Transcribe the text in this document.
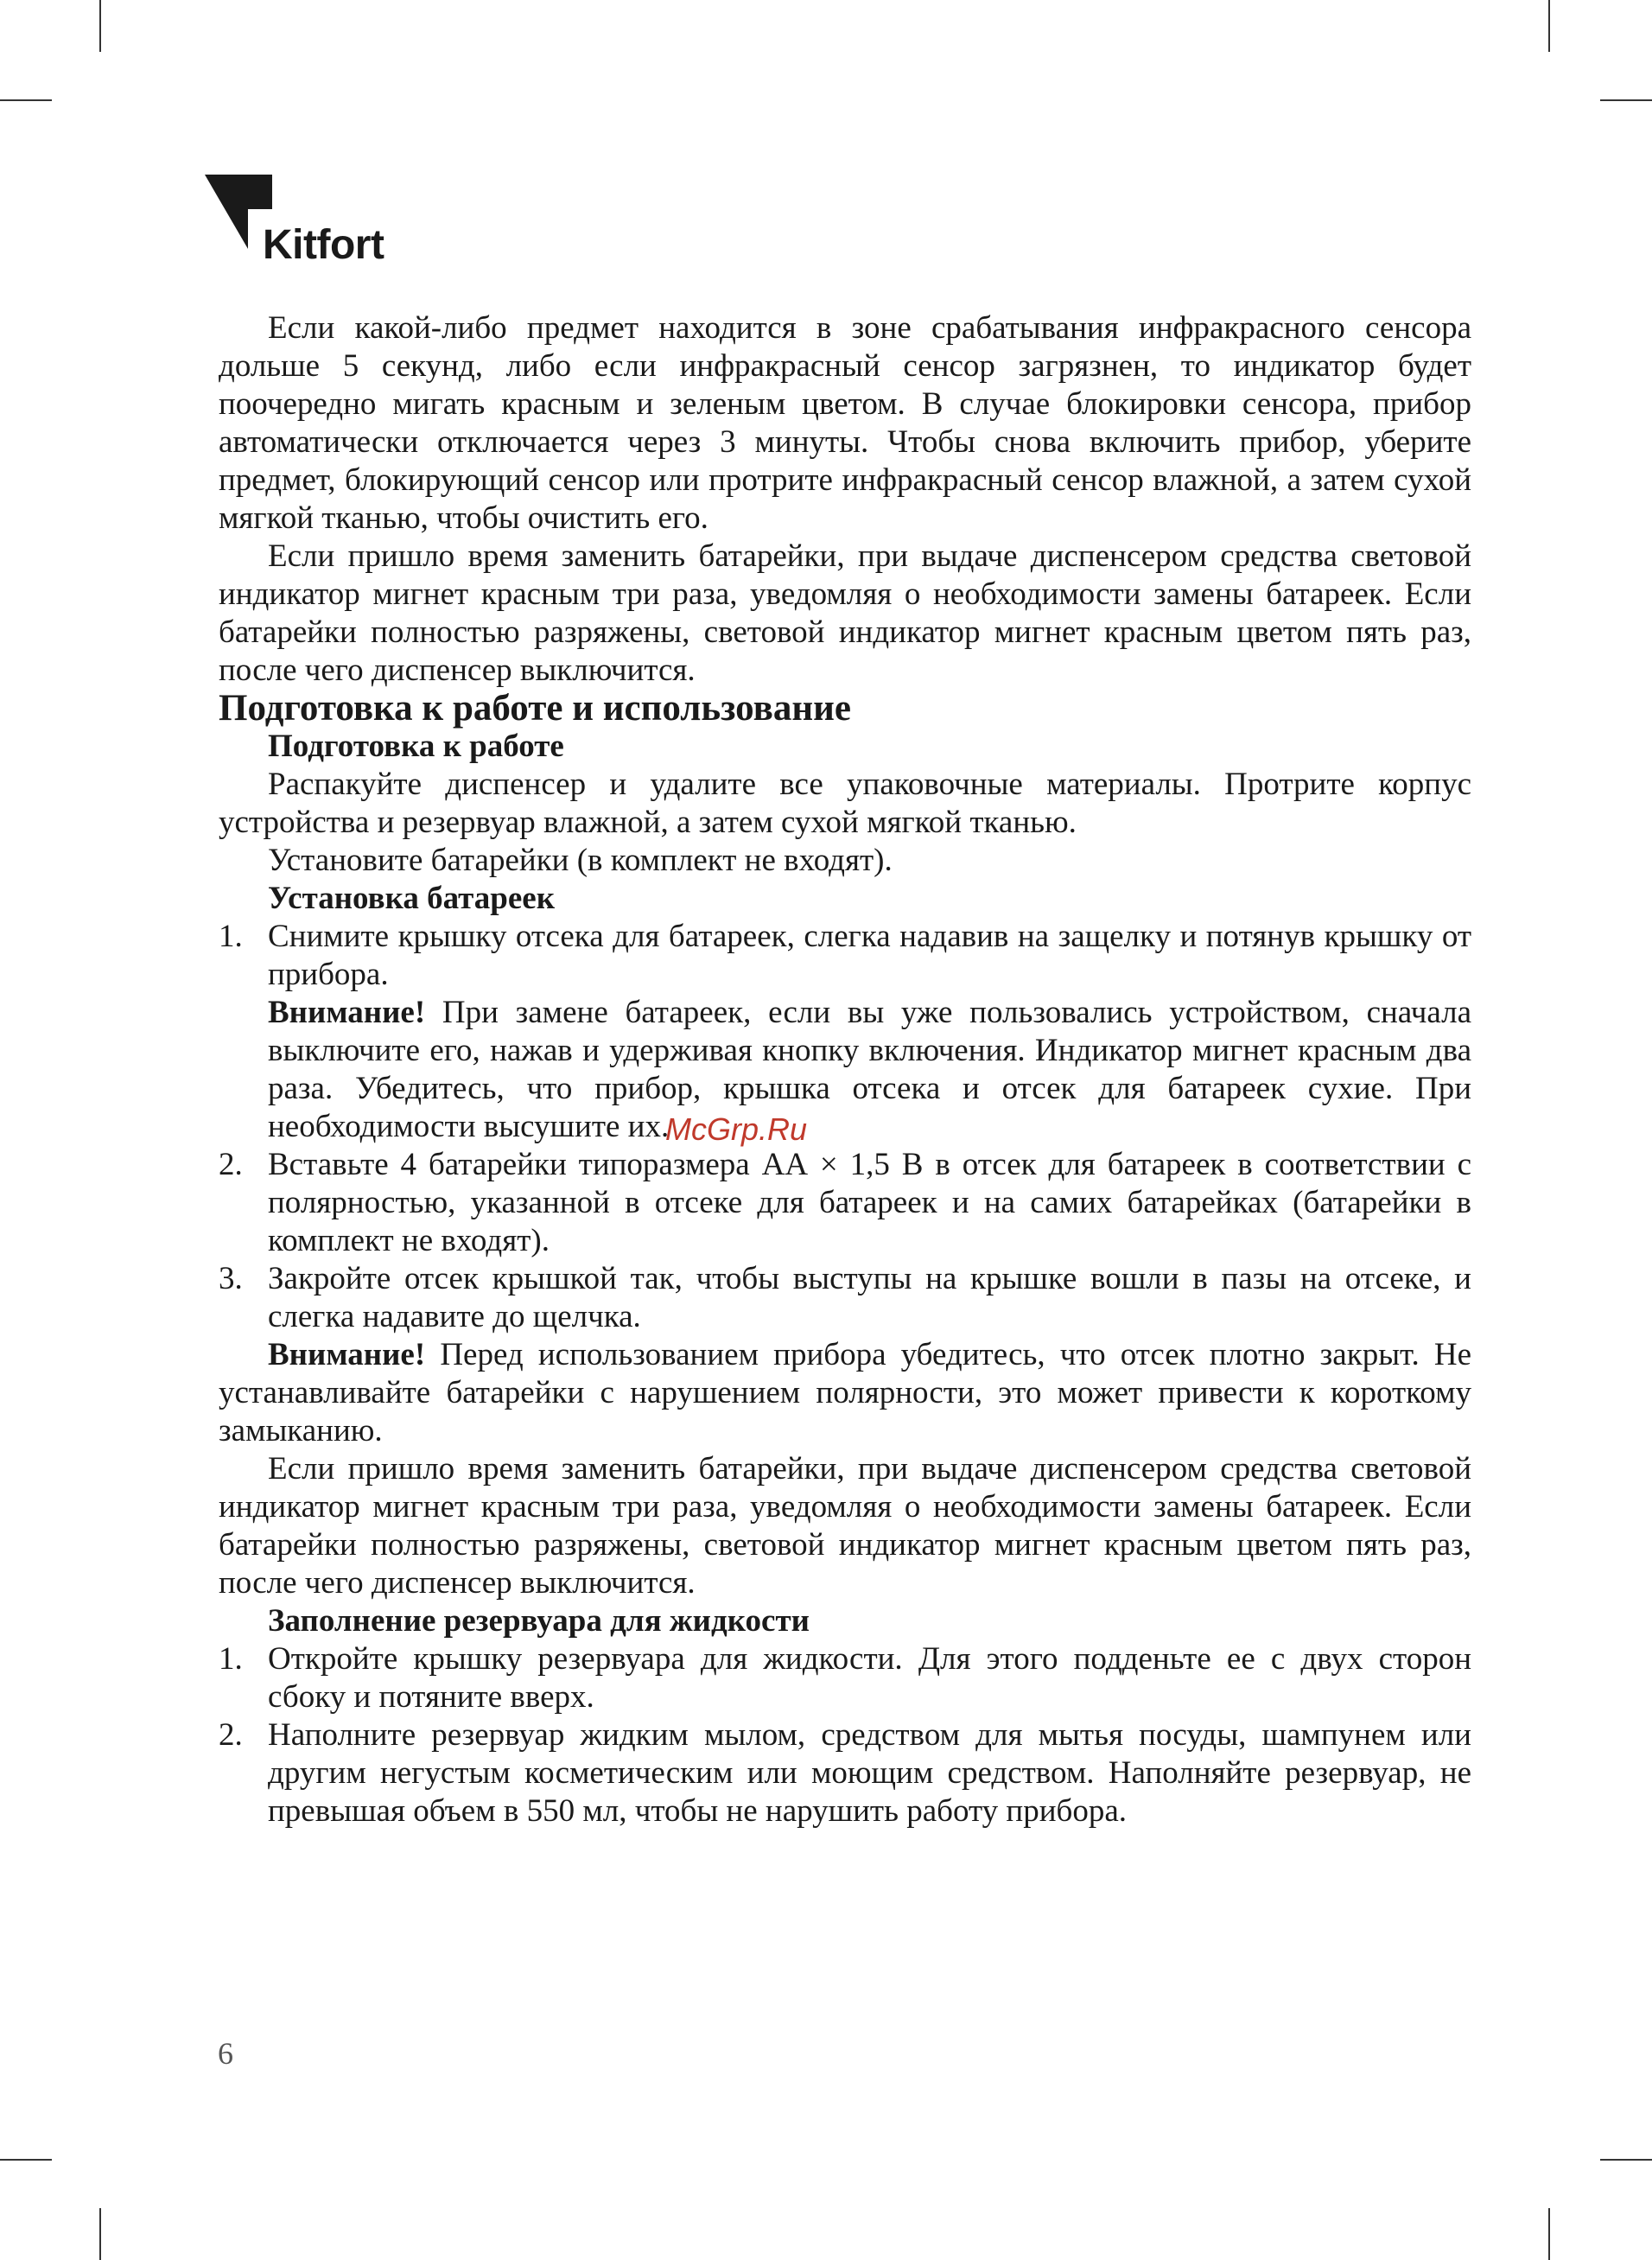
Kitfort

Если какой-либо предмет находится в зоне срабатывания инфракрасного сенсора дольше 5 секунд, либо если инфракрасный сенсор загрязнен, то индикатор будет поочередно мигать красным и зеленым цветом. В случае блокировки сенсора, прибор автоматически отключается через 3 минуты. Чтобы снова включить прибор, уберите предмет, блокирующий сенсор или протрите инфракрасный сенсор влажной, а затем сухой мягкой тканью, чтобы очистить его.

Если пришло время заменить батарейки, при выдаче диспенсером средства световой индикатор мигнет красным три раза, уведомляя о необходимости замены батареек. Если батарейки полностью разряжены, световой индикатор мигнет красным цветом пять раз, после чего диспенсер выключится.

Подготовка к работе и использование

Подготовка к работе

Распакуйте диспенсер и удалите все упаковочные материалы. Протрите корпус устройства и резервуар влажной, а затем сухой мягкой тканью.

Установите батарейки (в комплект не входят).

Установка батареек

1. Снимите крышку отсека для батареек, слегка надавив на защелку и потянув крышку от прибора.

Внимание! При замене батареек, если вы уже пользовались устройством, сначала выключите его, нажав и удерживая кнопку включения. Индикатор мигнет красным два раза. Убедитесь, что прибор, крышка отсека и отсек для батареек сухие. При необходимости высушите их.

2. Вставьте 4 батарейки типоразмера АА × 1,5 В в отсек для батареек в соответствии с полярностью, указанной в отсеке для батареек и на самих батарейках (батарейки в комплект не входят).

3. Закройте отсек крышкой так, чтобы выступы на крышке вошли в пазы на отсеке, и слегка надавите до щелчка.

Внимание! Перед использованием прибора убедитесь, что отсек плотно закрыт. Не устанавливайте батарейки с нарушением полярности, это может привести к короткому замыканию.

Если пришло время заменить батарейки, при выдаче диспенсером средства световой индикатор мигнет красным три раза, уведомляя о необходимости замены батареек. Если батарейки полностью разряжены, световой индикатор мигнет красным цветом пять раз, после чего диспенсер выключится.

Заполнение резервуара для жидкости

1. Откройте крышку резервуара для жидкости. Для этого подденьте ее с двух сторон сбоку и потяните вверх.

2. Наполните резервуар жидким мылом, средством для мытья посуды, шампунем или другим негустым косметическим или моющим средством. Наполняйте резервуар, не превышая объем в 550 мл, чтобы не нарушить работу прибора.

McGrp.Ru
6
